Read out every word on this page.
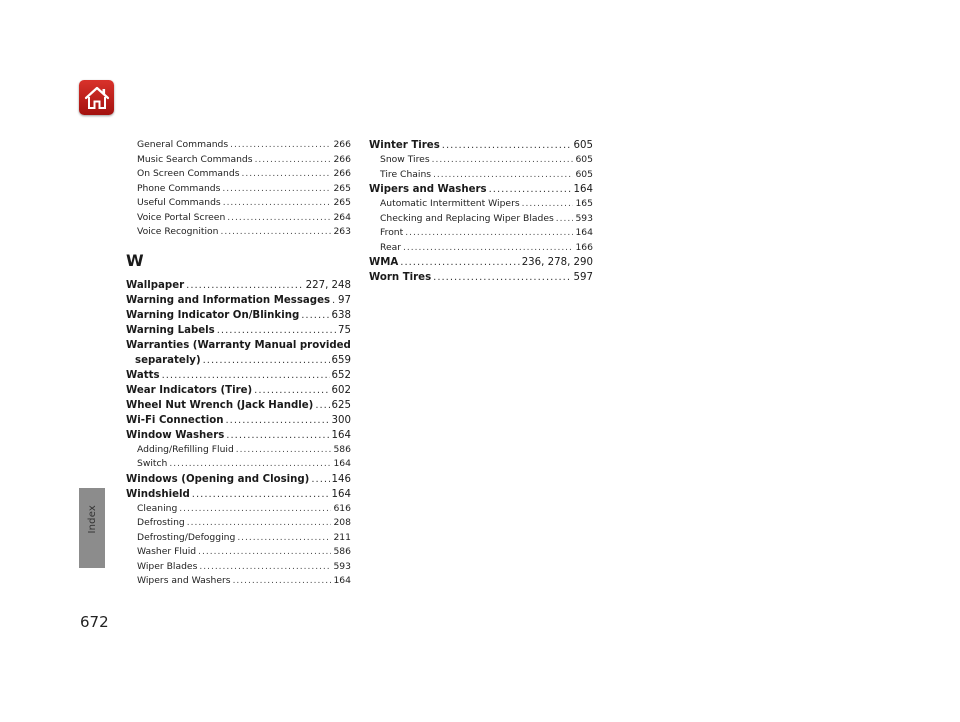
Index
672
General Commands .....	266
Music Search Commands .....	266
On Screen Commands .....	266
Phone Commands .....	265
Useful Commands .....	265
Voice Portal Screen .....	264
Voice Recognition .....	263
W
Wallpaper .....	227, 248
Warning and Information Messages ..... 97
Warning Indicator On/Blinking .....	638
Warning Labels .....	75
Warranties (Warranty Manual provided
separately) .....	659
Watts .....	652
Wear Indicators (Tire) .....	602
Wheel Nut Wrench (Jack Handle) ..... 625
Wi-Fi Connection .....	300
Window Washers .....	164
Adding/Refilling Fluid .....	586
Switch .....	164
Windows (Opening and Closing) ..... 146
Windshield .....	164
Cleaning .....	616
Defrosting .....	208
Defrosting/Defogging .....	211
Washer Fluid .....	586
Wiper Blades .....	593
Wipers and Washers .....	164
Winter Tires .....	605
Snow Tires .....	605
Tire Chains .....	605
Wipers and Washers .....	164
Automatic Intermittent Wipers .....	165
Checking and Replacing Wiper Blades ..... 593
Front .....	164
Rear .....	166
WMA .....	236, 278, 290
Worn Tires .....	597
